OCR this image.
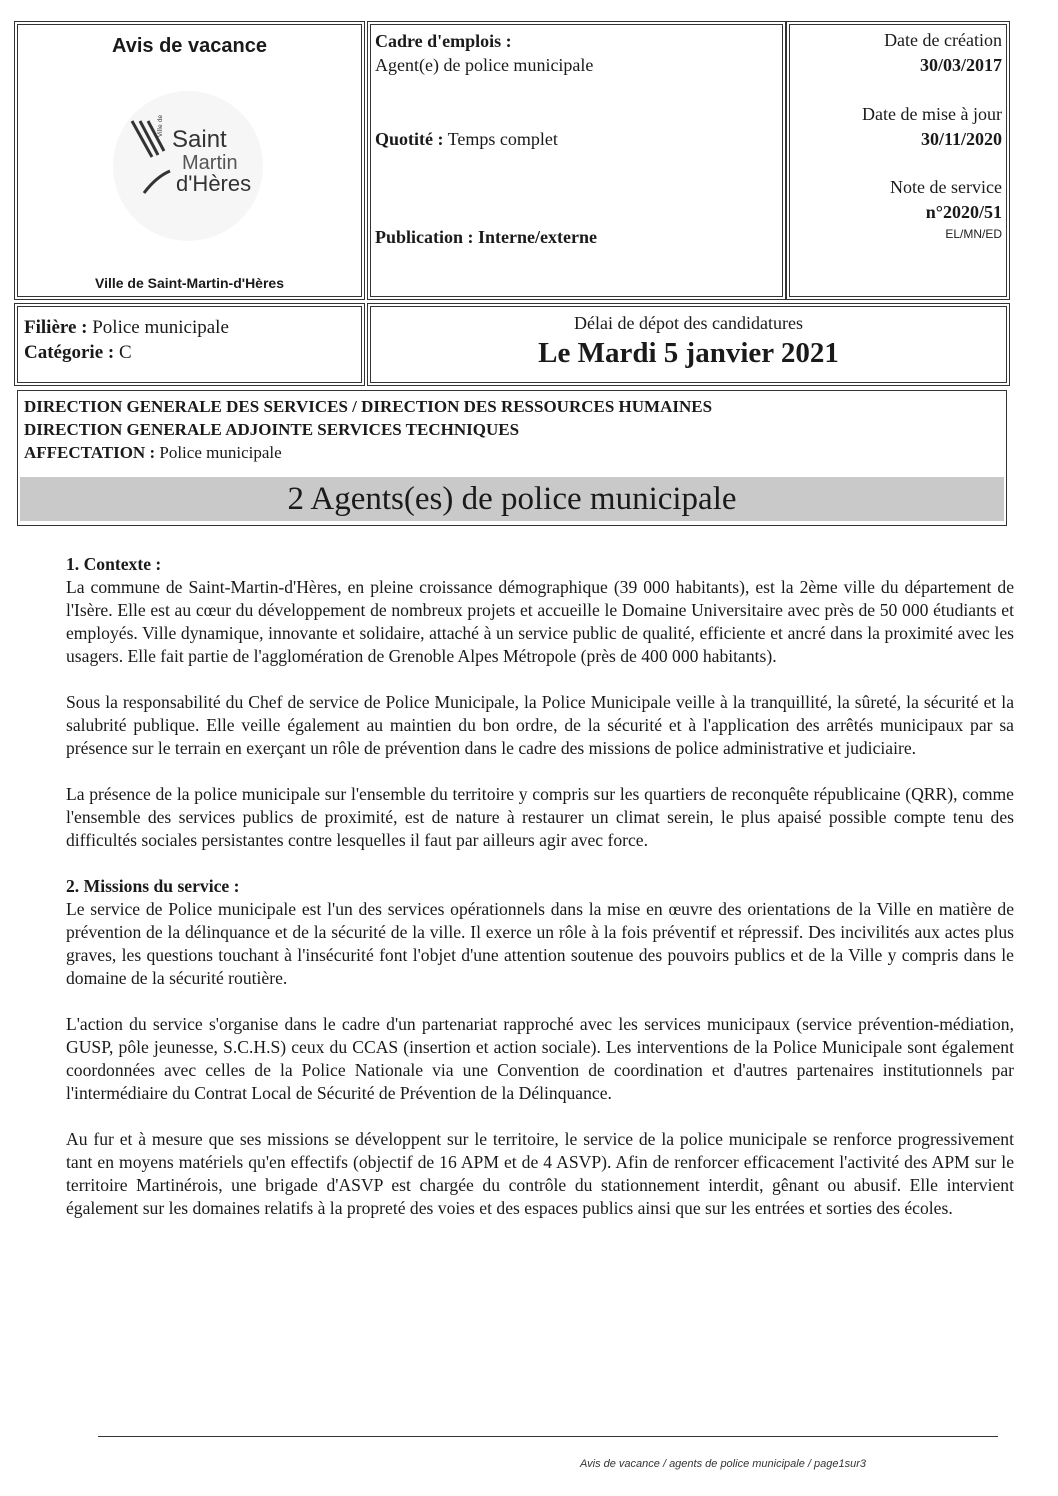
Avis de vacance
Ville de
Saint
Martin
d'Hères
Ville de Saint-Martin-d'Hères
Cadre d'emplois :
Agent(e) de police municipale
Quotité : Temps complet
Publication : Interne/externe
Date de création
30/03/2017
Date de mise à jour
30/11/2020
Note de service
n°2020/51
EL/MN/ED
Filière : Police municipale
Catégorie : C
Délai de dépot des candidatures
Le Mardi 5 janvier 2021
DIRECTION GENERALE DES SERVICES / DIRECTION DES RESSOURCES HUMAINES
DIRECTION GENERALE ADJOINTE SERVICES TECHNIQUES
AFFECTATION : Police municipale
2 Agents(es) de police municipale
1. Contexte :

La commune de Saint-Martin-d'Hères, en pleine croissance démographique (39 000 habitants), est la 2ème ville du département de l'Isère. Elle est au cœur du développement de nombreux projets et accueille le Domaine Universitaire avec près de 50 000 étudiants et employés. Ville dynamique, innovante et solidaire, attaché à un service public de qualité, efficiente et ancré dans la proximité avec les usagers. Elle fait partie de l'agglomération de Grenoble Alpes Métropole (près de 400 000 habitants).

Sous la responsabilité du Chef de service de Police Municipale, la Police Municipale veille à la tranquillité, la sûreté, la sécurité et la salubrité publique. Elle veille également au maintien du bon ordre, de la sécurité et à l'application des arrêtés municipaux par sa présence sur le terrain en exerçant un rôle de prévention dans le cadre des missions de police administrative et judiciaire.

La présence de la police municipale sur l'ensemble du territoire y compris sur les quartiers de reconquête républicaine (QRR), comme l'ensemble des services publics de proximité, est de nature à restaurer un climat serein, le plus apaisé possible compte tenu des difficultés sociales persistantes contre lesquelles il faut par ailleurs agir avec force.

2. Missions du service :

Le service de Police municipale est l'un des services opérationnels dans la mise en œuvre des orientations de la Ville en matière de prévention de la délinquance et de la sécurité de la ville. Il exerce un rôle à la fois préventif et répressif. Des incivilités aux actes plus graves, les questions touchant à l'insécurité font l'objet d'une attention soutenue des pouvoirs publics et de la Ville y compris dans le domaine de la sécurité routière.

L'action du service s'organise dans le cadre d'un partenariat rapproché avec les services municipaux (service prévention-médiation, GUSP, pôle jeunesse, S.C.H.S) ceux du CCAS (insertion et action sociale). Les interventions de la Police Municipale sont également coordonnées avec celles de la Police Nationale via une Convention de coordination et d'autres partenaires institutionnels par l'intermédiaire du Contrat Local de Sécurité de Prévention de la Délinquance.

Au fur et à mesure que ses missions se développent sur le territoire, le service de la police municipale se renforce progressivement tant en moyens matériels qu'en effectifs (objectif de 16 APM et de 4 ASVP). Afin de renforcer efficacement l'activité des APM sur le territoire Martinérois, une brigade d'ASVP est chargée du contrôle du stationnement interdit, gênant ou abusif. Elle intervient également sur les domaines relatifs à la propreté des voies et des espaces publics ainsi que sur les entrées et sorties des écoles.

Avis de vacance / agents de police municipale / page1sur3
